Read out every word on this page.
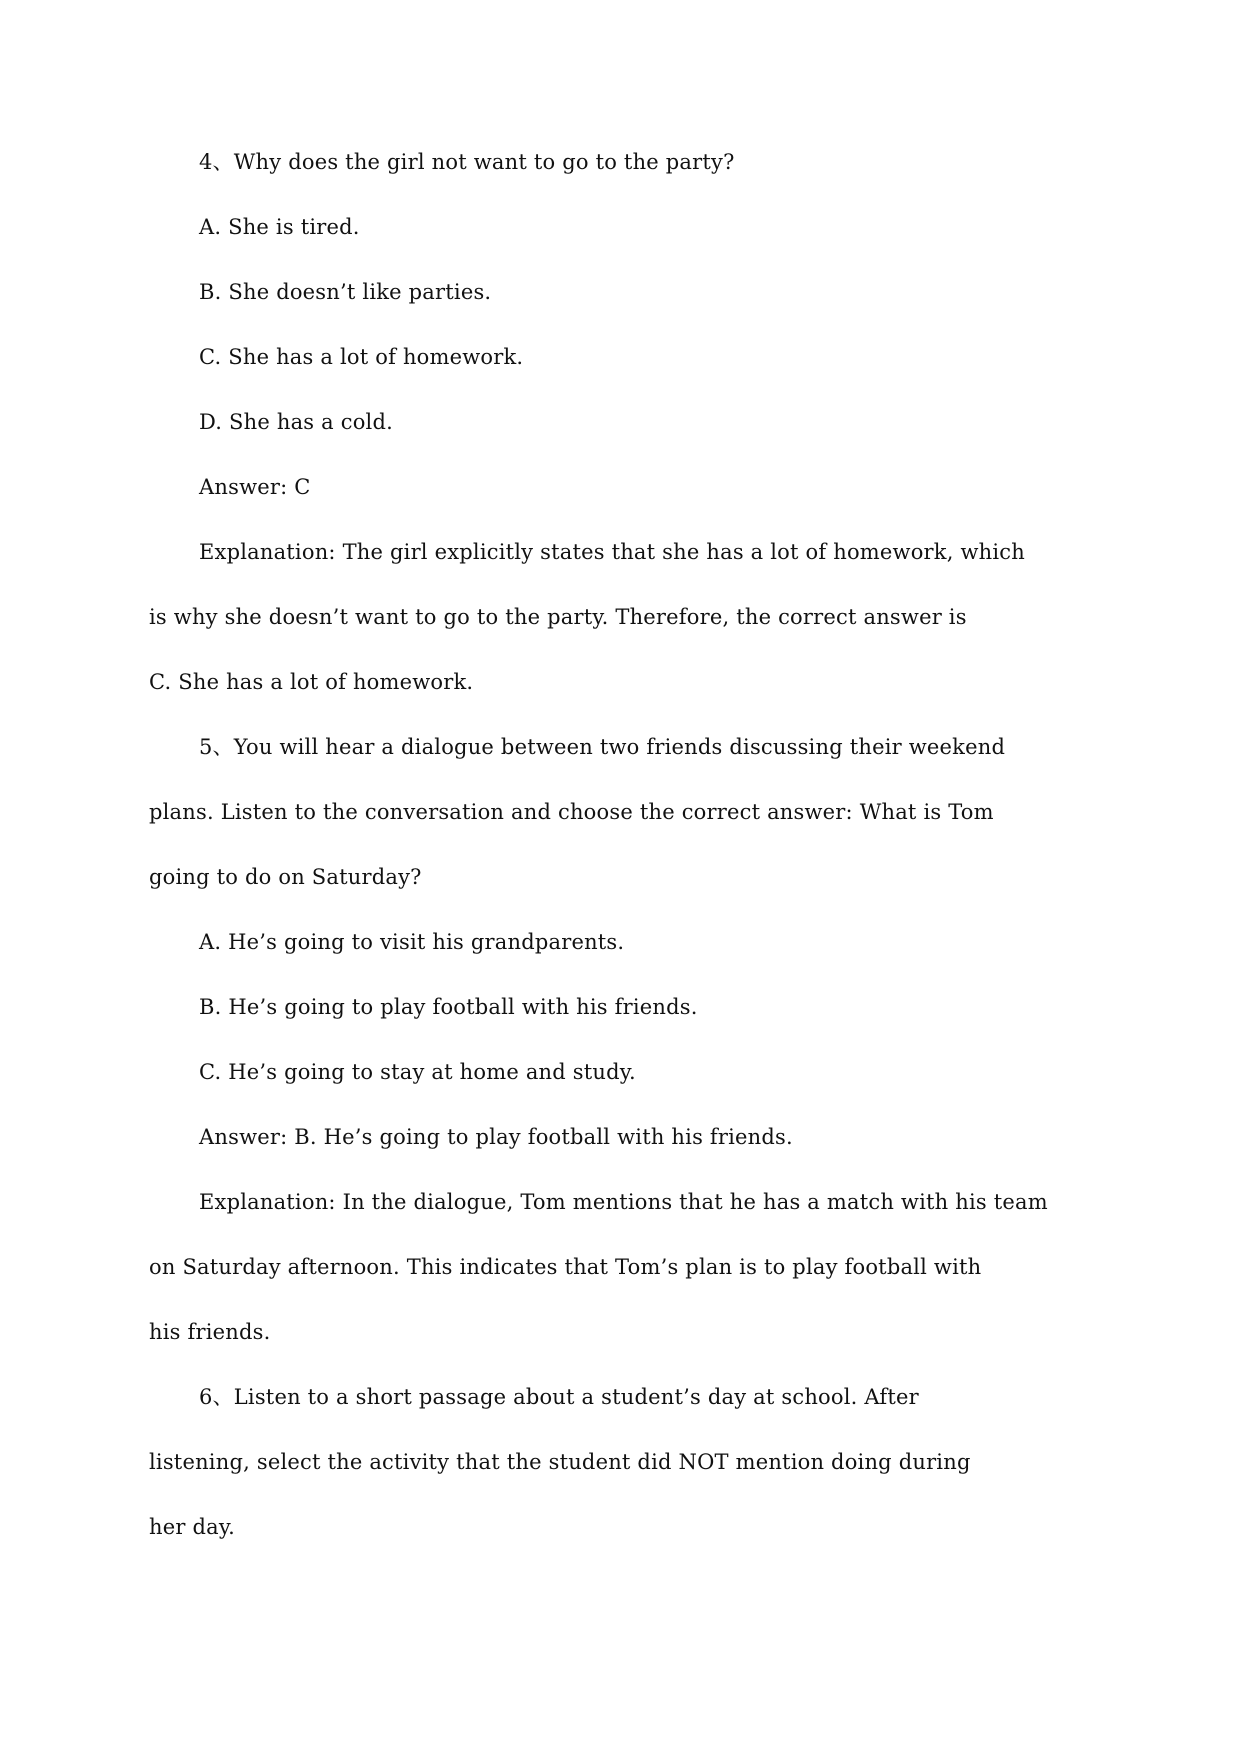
4、Why does the girl not want to go to the party?

A. She is tired.

B. She doesn’t like parties.

C. She has a lot of homework.

D. She has a cold.

Answer: C

Explanation: The girl explicitly states that she has a lot of homework, which

is why she doesn’t want to go to the party. Therefore, the correct answer is

C. She has a lot of homework.

5、You will hear a dialogue between two friends discussing their weekend

plans. Listen to the conversation and choose the correct answer: What is Tom

going to do on Saturday?

A. He’s going to visit his grandparents.

B. He’s going to play football with his friends.

C. He’s going to stay at home and study.

Answer: B. He’s going to play football with his friends.

Explanation: In the dialogue, Tom mentions that he has a match with his team

on Saturday afternoon. This indicates that Tom’s plan is to play football with

his friends.

6、Listen to a short passage about a student’s day at school. After

listening, select the activity that the student did NOT mention doing during

her day.
